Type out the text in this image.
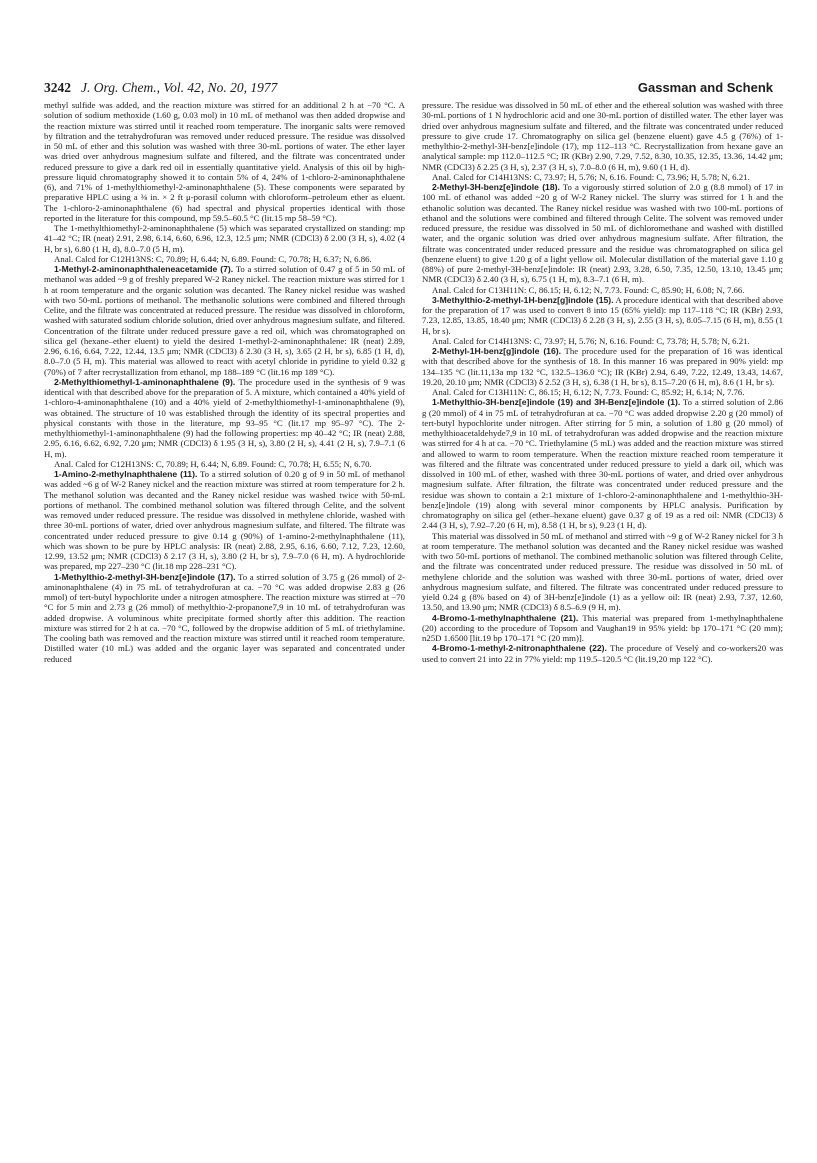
3242 J. Org. Chem., Vol. 42, No. 20, 1977	Gassman and Schenk

methyl sulfide was added, and the reaction mixture was stirred for an additional 2 h at −70 °C. A solution of sodium methoxide (1.60 g, 0.03 mol) in 10 mL of methanol was then added dropwise and the reaction mixture was stirred until it reached room temperature. The inorganic salts were removed by filtration and the tetrahydrofuran was removed under reduced pressure. The residue was dissolved in 50 mL of ether and this solution was washed with three 30-mL portions of water. The ether layer was dried over anhydrous magnesium sulfate and filtered, and the filtrate was concentrated under reduced pressure to give a dark red oil in essentially quantitative yield. Analysis of this oil by high-pressure liquid chromatography showed it to contain 5% of 4, 24% of 1-chloro-2-aminonaphthalene (6), and 71% of 1-methylthiomethyl-2-aminonaphthalene (5). These components were separated by preparative HPLC using a ⅜ in. × 2 ft μ-porasil column with chloroform–petroleum ether as eluent. The 1-chloro-2-aminonaphthalene (6) had spectral and physical properties identical with those reported in the literature for this compound, mp 59.5–60.5 °C (lit.15 mp 58–59 °C).

The 1-methylthiomethyl-2-aminonaphthalene (5) which was separated crystallized on standing: mp 41–42 °C; IR (neat) 2.91, 2.98, 6.14, 6.60, 6.96, 12.3, 12.5 μm; NMR (CDCl3) δ 2.00 (3 H, s), 4.02 (4 H, br s), 6.80 (1 H, d), 8.0–7.0 (5 H, m).

Anal. Calcd for C12H13NS: C, 70.89; H, 6.44; N, 6.89. Found: C, 70.78; H, 6.37; N, 6.86.

1-Methyl-2-aminonaphthaleneacetamide (7). To a stirred solution of 0.47 g of 5 in 50 mL of methanol was added ~9 g of freshly prepared W-2 Raney nickel. The reaction mixture was stirred for 1 h at room temperature and the organic solution was decanted. The Raney nickel residue was washed with two 50-mL portions of methanol. The methanolic solutions were combined and filtered through Celite, and the filtrate was concentrated at reduced pressure. The residue was dissolved in chloroform, washed with saturated sodium chloride solution, dried over anhydrous magnesium sulfate, and filtered. Concentration of the filtrate under reduced pressure gave a red oil, which was chromatographed on silica gel (hexane–ether eluent) to yield the desired 1-methyl-2-aminonaphthalene: IR (neat) 2.89, 2.96, 6.16, 6.64, 7.22, 12.44, 13.5 μm; NMR (CDCl3) δ 2.30 (3 H, s), 3.65 (2 H, br s), 6.85 (1 H, d), 8.0–7.0 (5 H, m). This material was allowed to react with acetyl chloride in pyridine to yield 0.32 g (70%) of 7 after recrystallization from ethanol, mp 188–189 °C (lit.16 mp 189 °C).

2-Methylthiomethyl-1-aminonaphthalene (9). The procedure used in the synthesis of 9 was identical with that described above for the preparation of 5. A mixture, which contained a 40% yield of 1-chloro-4-aminonaphthalene (10) and a 40% yield of 2-methylthiomethyl-1-aminonaphthalene (9), was obtained. The structure of 10 was established through the identity of its spectral properties and physical constants with those in the literature, mp 93–95 °C (lit.17 mp 95–97 °C). The 2-methylthiomethyl-1-aminonaphthalene (9) had the following properties: mp 40–42 °C; IR (neat) 2.88, 2.95, 6.16, 6.62, 6.92, 7.20 μm; NMR (CDCl3) δ 1.95 (3 H, s), 3.80 (2 H, s), 4.41 (2 H, s), 7.9–7.1 (6 H, m).

Anal. Calcd for C12H13NS: C, 70.89; H, 6.44; N, 6.89. Found: C, 70.78; H, 6.55; N, 6.70.

1-Amino-2-methylnaphthalene (11). To a stirred solution of 0.20 g of 9 in 50 mL of methanol was added ~6 g of W-2 Raney nickel and the reaction mixture was stirred at room temperature for 2 h. The methanol solution was decanted and the Raney nickel residue was washed twice with 50-mL portions of methanol. The combined methanol solution was filtered through Celite, and the solvent was removed under reduced pressure. The residue was dissolved in methylene chloride, washed with three 30-mL portions of water, dried over anhydrous magnesium sulfate, and filtered. The filtrate was concentrated under reduced pressure to give 0.14 g (90%) of 1-amino-2-methylnaphthalene (11), which was shown to be pure by HPLC analysis: IR (neat) 2.88, 2.95, 6.16, 6.60, 7.12, 7.23, 12.60, 12.99, 13.52 μm; NMR (CDCl3) δ 2.17 (3 H, s), 3.80 (2 H, br s), 7.9–7.0 (6 H, m). A hydrochloride was prepared, mp 227–230 °C (lit.18 mp 228–231 °C).

1-Methylthio-2-methyl-3H-benz[e]indole (17). To a stirred solution of 3.75 g (26 mmol) of 2-aminonaphthalene (4) in 75 mL of tetrahydrofuran at ca. −70 °C was added dropwise 2.83 g (26 mmol) of tert-butyl hypochlorite under a nitrogen atmosphere. The reaction mixture was stirred at −70 °C for 5 min and 2.73 g (26 mmol) of methylthio-2-propanone7,9 in 10 mL of tetrahydrofuran was added dropwise. A voluminous white precipitate formed shortly after this addition. The reaction mixture was stirred for 2 h at ca. −70 °C, followed by the dropwise addition of 5 mL of triethylamine. The cooling bath was removed and the reaction mixture was stirred until it reached room temperature. Distilled water (10 mL) was added and the organic layer was separated and concentrated under reduced

pressure. The residue was dissolved in 50 mL of ether and the ethereal solution was washed with three 30-mL portions of 1 N hydrochloric acid and one 30-mL portion of distilled water. The ether layer was dried over anhydrous magnesium sulfate and filtered, and the filtrate was concentrated under reduced pressure to give crude 17. Chromatography on silica gel (benzene eluent) gave 4.5 g (76%) of 1-methylthio-2-methyl-3H-benz[e]indole (17), mp 112–113 °C. Recrystallization from hexane gave an analytical sample: mp 112.0–112.5 °C; IR (KBr) 2.90, 7.29, 7.52, 8.30, 10.35, 12.35, 13.36, 14.42 μm; NMR (CDCl3) δ 2.25 (3 H, s), 2.37 (3 H, s), 7.0–8.0 (6 H, m), 9.60 (1 H, d).

Anal. Calcd for C14H13NS: C, 73.97; H, 5.76; N, 6.16. Found: C, 73.96; H, 5.78; N, 6.21.

2-Methyl-3H-benz[e]indole (18). To a vigorously stirred solution of 2.0 g (8.8 mmol) of 17 in 100 mL of ethanol was added ~20 g of W-2 Raney nickel. The slurry was stirred for 1 h and the ethanolic solution was decanted. The Raney nickel residue was washed with two 100-mL portions of ethanol and the solutions were combined and filtered through Celite. The solvent was removed under reduced pressure, the residue was dissolved in 50 mL of dichloromethane and washed with distilled water, and the organic solution was dried over anhydrous magnesium sulfate. After filtration, the filtrate was concentrated under reduced pressure and the residue was chromatographed on silica gel (benzene eluent) to give 1.20 g of a light yellow oil. Molecular distillation of the material gave 1.10 g (88%) of pure 2-methyl-3H-benz[e]indole: IR (neat) 2.93, 3.28, 6.50, 7.35, 12.50, 13.10, 13.45 μm; NMR (CDCl3) δ 2.40 (3 H, s), 6.75 (1 H, m), 8.3–7.1 (6 H, m).

Anal. Calcd for C13H11N: C, 86.15; H, 6.12; N, 7.73. Found: C, 85.90; H, 6.08; N, 7.66.

3-Methylthio-2-methyl-1H-benz[g]indole (15). A procedure identical with that described above for the preparation of 17 was used to convert 8 into 15 (65% yield): mp 117–118 °C; IR (KBr) 2.93, 7.23, 12.85, 13.85, 18.40 μm; NMR (CDCl3) δ 2.28 (3 H, s), 2.55 (3 H, s), 8.05–7.15 (6 H, m), 8.55 (1 H, br s).

Anal. Calcd for C14H13NS: C, 73.97; H, 5.76; N, 6.16. Found: C, 73.78; H, 5.78; N, 6.21.

2-Methyl-1H-benz[g]indole (16). The procedure used for the preparation of 16 was identical with that described above for the synthesis of 18. In this manner 16 was prepared in 90% yield: mp 134–135 °C (lit.11,13a mp 132 °C, 132.5–136.0 °C); IR (KBr) 2.94, 6.49, 7.22, 12.49, 13.43, 14.67, 19.20, 20.10 μm; NMR (CDCl3) δ 2.52 (3 H, s), 6.38 (1 H, br s), 8.15–7.20 (6 H, m), 8.6 (1 H, br s).

Anal. Calcd for C13H11N: C, 86.15; H, 6.12; N, 7.73. Found: C, 85.92; H, 6.14; N, 7.76.

1-Methylthio-3H-benz[e]indole (19) and 3H-Benz[e]indole (1). To a stirred solution of 2.86 g (20 mmol) of 4 in 75 mL of tetrahydrofuran at ca. −70 °C was added dropwise 2.20 g (20 mmol) of tert-butyl hypochlorite under nitrogen. After stirring for 5 min, a solution of 1.80 g (20 mmol) of methylthioacetaldehyde7,9 in 10 mL of tetrahydrofuran was added dropwise and the reaction mixture was stirred for 4 h at ca. −70 °C. Triethylamine (5 mL) was added and the reaction mixture was stirred and allowed to warm to room temperature. When the reaction mixture reached room temperature it was filtered and the filtrate was concentrated under reduced pressure to yield a dark oil, which was dissolved in 100 mL of ether, washed with three 30-mL portions of water, and dried over anhydrous magnesium sulfate. After filtration, the filtrate was concentrated under reduced pressure and the residue was shown to contain a 2:1 mixture of 1-chloro-2-aminonaphthalene and 1-methylthio-3H-benz[e]indole (19) along with several minor components by HPLC analysis. Purification by chromatography on silica gel (ether–hexane eluent) gave 0.37 g of 19 as a red oil: NMR (CDCl3) δ 2.44 (3 H, s), 7.92–7.20 (6 H, m), 8.58 (1 H, br s), 9.23 (1 H, d).

This material was dissolved in 50 mL of methanol and stirred with ~9 g of W-2 Raney nickel for 3 h at room temperature. The methanol solution was decanted and the Raney nickel residue was washed with two 50-mL portions of methanol. The combined methanolic solution was filtered through Celite, and the filtrate was concentrated under reduced pressure. The residue was dissolved in 50 mL of methylene chloride and the solution was washed with three 30-mL portions of water, dried over anhydrous magnesium sulfate, and filtered. The filtrate was concentrated under reduced pressure to yield 0.24 g (8% based on 4) of 3H-benz[e]indole (1) as a yellow oil: IR (neat) 2.93, 7.37, 12.60, 13.50, and 13.90 μm; NMR (CDCl3) δ 8.5–6.9 (9 H, m).

4-Bromo-1-methylnaphthalene (21). This material was prepared from 1-methylnaphthalene (20) according to the procedure of Topsom and Vaughan19 in 95% yield: bp 170–171 °C (20 mm); n25D 1.6500 [lit.19 bp 170–171 °C (20 mm)].

4-Bromo-1-methyl-2-nitronaphthalene (22). The procedure of Veselý and co-workers20 was used to convert 21 into 22 in 77% yield: mp 119.5–120.5 °C (lit.19,20 mp 122 °C).
